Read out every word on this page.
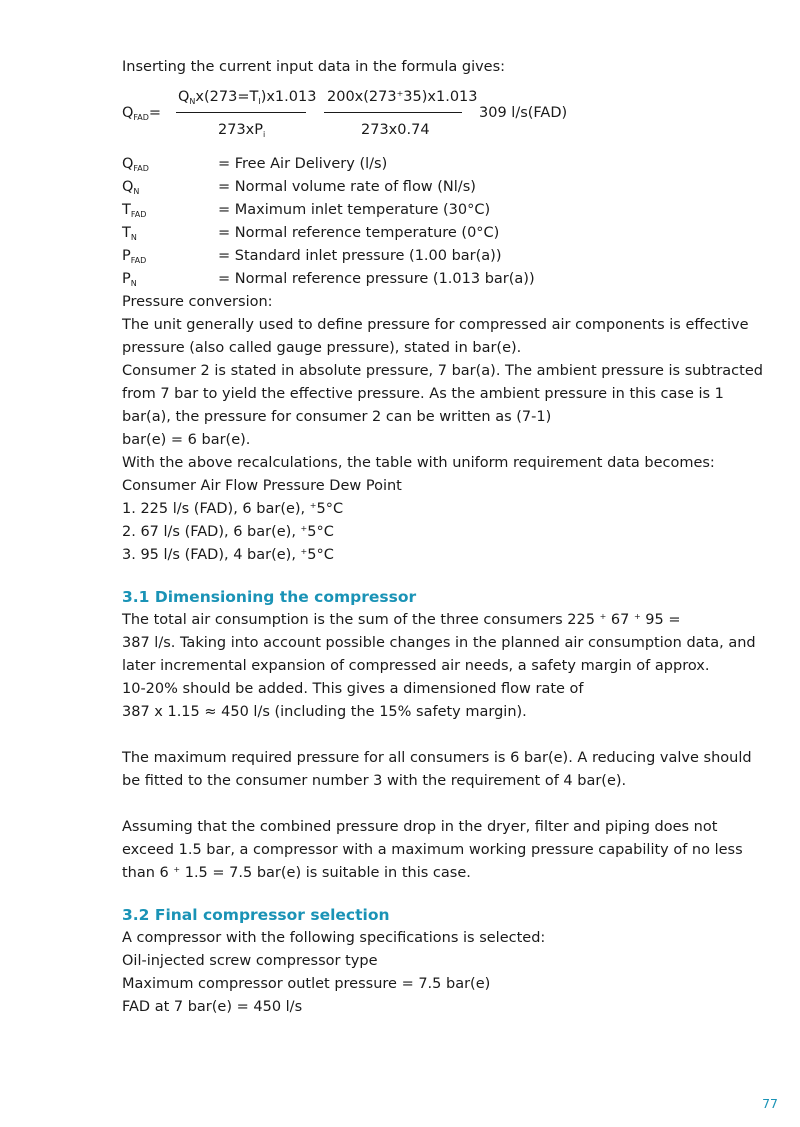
Inserting the current input data in the formula gives:
$Q_{FAD}=$
$Q_Nx(273=T_I)x1.013$
$273xP_i$
200x(273+35)x1.013
273x0.74
309 l/s(FAD)
$Q_{FAD}$	= Free Air Delivery (l/s)
$Q_N$	= Normal volume rate of flow (Nl/s)
$T_{FAD}$	= Maximum inlet temperature (30°C)
$T_N$	= Normal reference temperature (0°C)
$P_{FAD}$	= Standard inlet pressure (1.00 bar(a))
$P_N$	= Normal reference pressure (1.013 bar(a))
Pressure conversion:
The unit generally used to define pressure for compressed air components is effective
pressure (also called gauge pressure), stated in bar(e).
Consumer 2 is stated in absolute pressure, 7 bar(a). The ambient pressure is subtracted
from 7 bar to yield the effective pressure. As the ambient pressure in this case is 1
bar(a), the pressure for consumer 2 can be written as (7-1)
bar(e) = 6 bar(e).
With the above recalculations, the table with uniform requirement data becomes:
Consumer Air Flow Pressure Dew Point
1. 225 l/s (FAD), 6 bar(e), +5°C
2. 67 l/s (FAD), 6 bar(e), +5°C
3. 95 l/s (FAD), 4 bar(e), +5°C
3.1 Dimensioning the compressor
The total air consumption is the sum of the three consumers 225 + 67 + 95 =
387 l/s. Taking into account possible changes in the planned air consumption data, and
later incremental expansion of compressed air needs, a safety margin of approx.
10-20% should be added. This gives a dimensioned flow rate of
387 x 1.15 ≈ 450 l/s (including the 15% safety margin).
The maximum required pressure for all consumers is 6 bar(e). A reducing valve should
be fitted to the consumer number 3 with the requirement of 4 bar(e).
Assuming that the combined pressure drop in the dryer, filter and piping does not
exceed 1.5 bar, a compressor with a maximum working pressure capability of no less
than 6 + 1.5 = 7.5 bar(e) is suitable in this case.
3.2 Final compressor selection
A compressor with the following specifications is selected:
Oil-injected screw compressor type
Maximum compressor outlet pressure = 7.5 bar(e)
FAD at 7 bar(e) = 450 l/s
77
